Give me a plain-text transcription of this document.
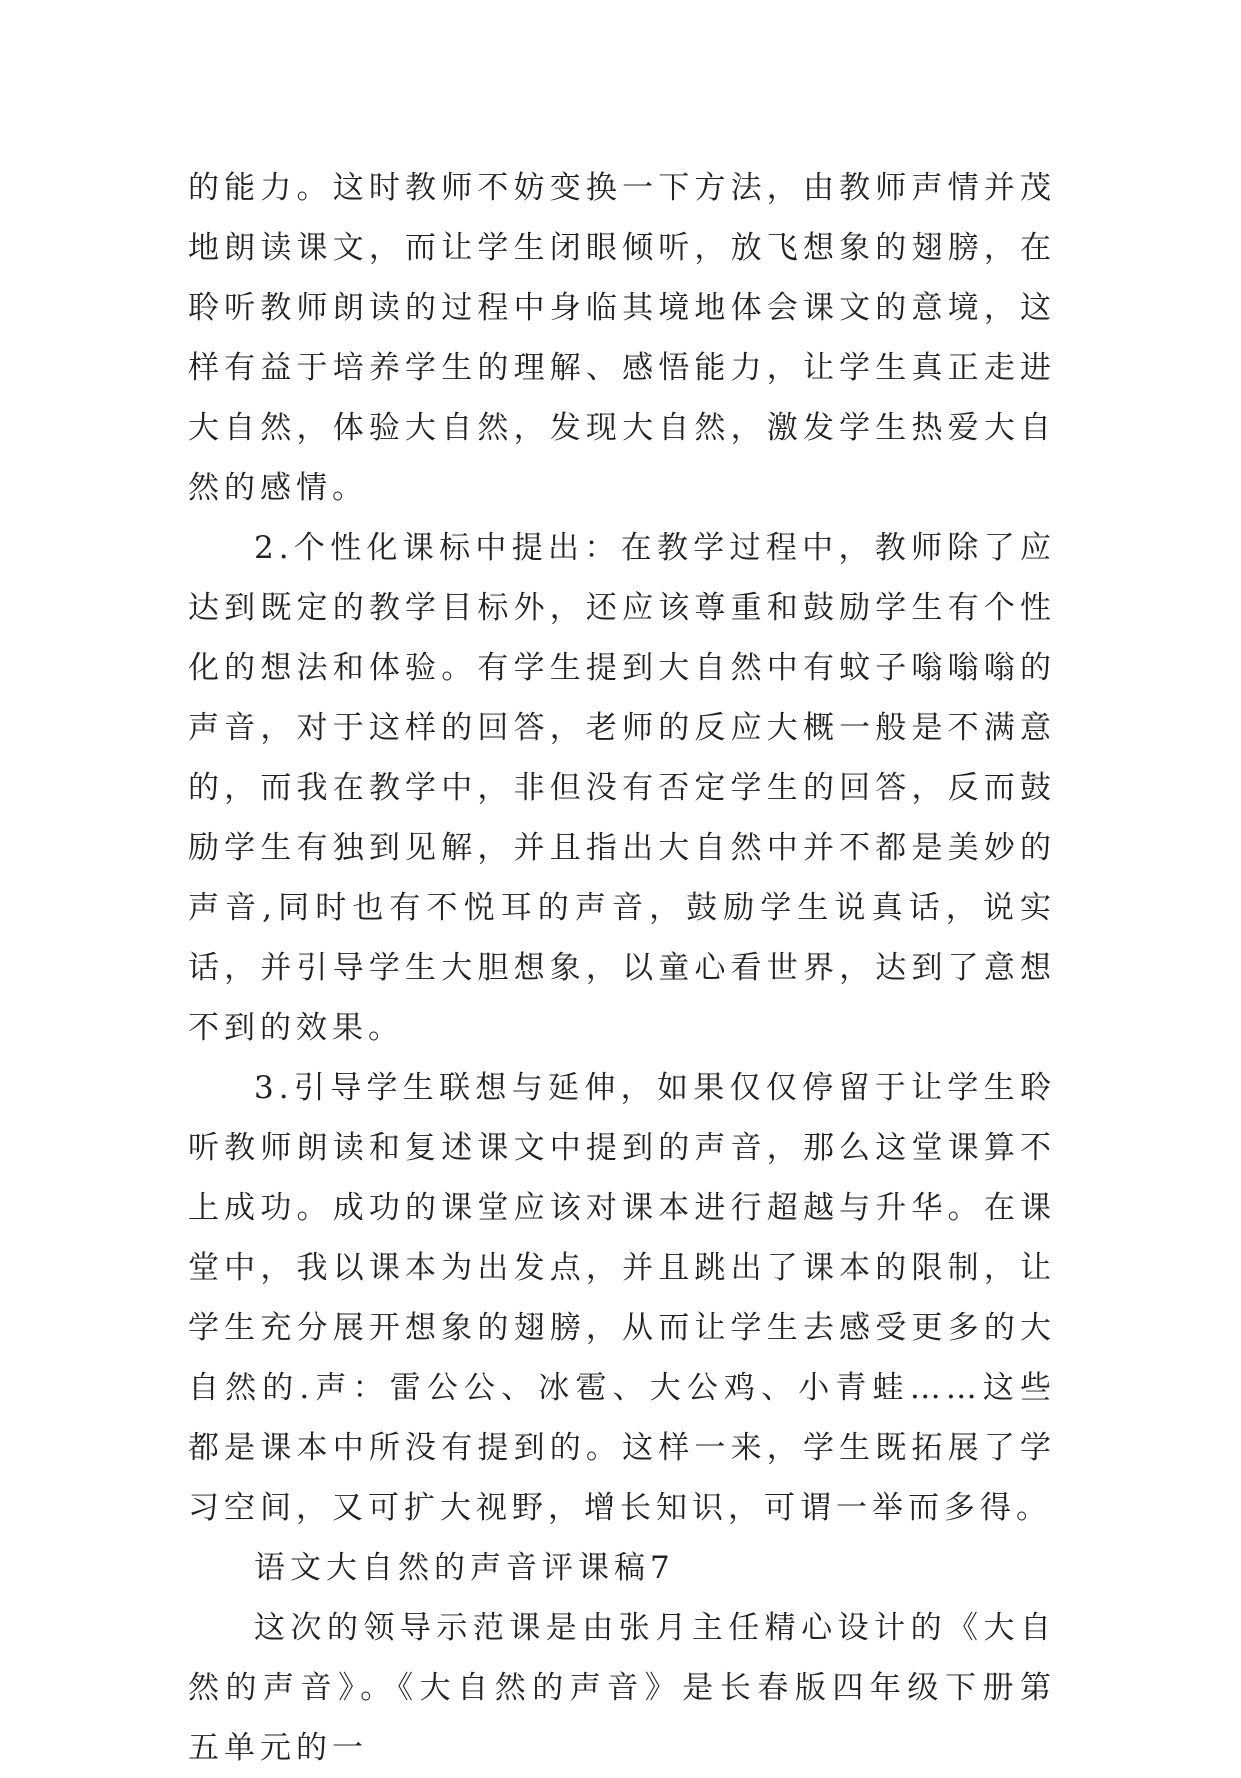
的能力。这时教师不妨变换一下方法，由教师声情并茂地朗读课文，而让学生闭眼倾听，放飞想象的翅膀，在聆听教师朗读的过程中身临其境地体会课文的意境，这样有益于培养学生的理解、感悟能力，让学生真正走进大自然，体验大自然，发现大自然，激发学生热爱大自然的感情。

2.个性化课标中提出：在教学过程中，教师除了应达到既定的教学目标外，还应该尊重和鼓励学生有个性化的想法和体验。有学生提到大自然中有蚊子嗡嗡嗡的声音，对于这样的回答，老师的反应大概一般是不满意的，而我在教学中，非但没有否定学生的回答，反而鼓励学生有独到见解，并且指出大自然中并不都是美妙的声音,同时也有不悦耳的声音，鼓励学生说真话，说实话，并引导学生大胆想象，以童心看世界，达到了意想不到的效果。

3.引导学生联想与延伸，如果仅仅停留于让学生聆听教师朗读和复述课文中提到的声音，那么这堂课算不上成功。成功的课堂应该对课本进行超越与升华。在课堂中，我以课本为出发点，并且跳出了课本的限制，让学生充分展开想象的翅膀，从而让学生去感受更多的大自然的.声：雷公公、冰雹、大公鸡、小青蛙……这些都是课本中所没有提到的。这样一来，学生既拓展了学习空间，又可扩大视野，增长知识，可谓一举而多得。

语文大自然的声音评课稿7

这次的领导示范课是由张月主任精心设计的《大自然的声音》。《大自然的声音》是长春版四年级下册第五单元的一
